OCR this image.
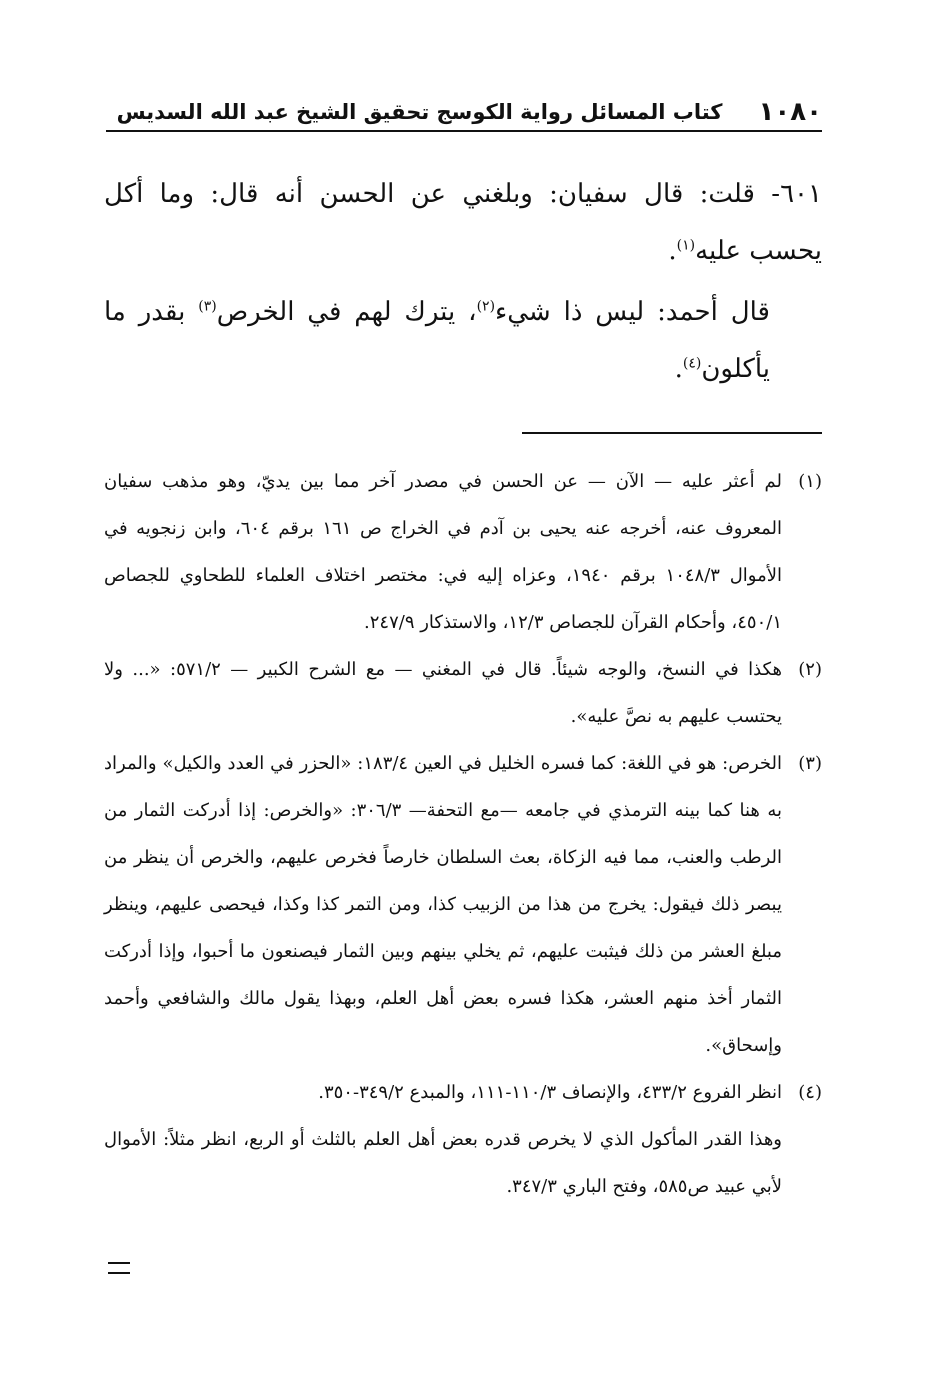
١٠٨٠
كتاب المسائل رواية الكوسج تحقيق الشيخ عبد الله السديس

٦٠١- قلت: قال سفيان: وبلغني عن الحسن أنه قال: وما أكل يحسب عليه$^{(١)}$.

قال أحمد: ليس ذا شيء$^{(٢)}$، يترك لهم في الخرص$^{(٣)}$ بقدر ما يأكلون$^{(٤)}$.

(١)
لم أعثر عليه — الآن — عن الحسن في مصدر آخر مما بين يديّ، وهو مذهب سفيان المعروف عنه، أخرجه عنه يحيى بن آدم في الخراج ص ١٦١ برقم ٦٠٤، وابن زنجويه في الأموال ١٠٤٨/٣ برقم ١٩٤٠، وعزاه إليه في: مختصر اختلاف العلماء للطحاوي للجصاص ٤٥٠/١، وأحكام القرآن للجصاص ١٢/٣، والاستذكار ٢٤٧/٩.

(٢)
هكذا في النسخ، والوجه شيئاً. قال في المغني — مع الشرح الكبير — ٥٧١/٢: «... ولا يحتسب عليهم به نصَّ عليه».

(٣)
الخرص: هو في اللغة: كما فسره الخليل في العين ١٨٣/٤: «الحزر في العدد والكيل» والمراد به هنا كما بينه الترمذي في جامعه —مع التحفة— ٣٠٦/٣: «والخرص: إذا أدركت الثمار من الرطب والعنب، مما فيه الزكاة، بعث السلطان خارصاً فخرص عليهم، والخرص أن ينظر من يبصر ذلك فيقول: يخرج من هذا من الزبيب كذا، ومن التمر كذا وكذا، فيحصى عليهم، وينظر مبلغ العشر من ذلك فيثبت عليهم، ثم يخلي بينهم وبين الثمار فيصنعون ما أحبوا، وإذا أدركت الثمار أخذ منهم العشر، هكذا فسره بعض أهل العلم، وبهذا يقول مالك والشافعي وأحمد وإسحاق».

(٤)
انظر الفروع ٤٣٣/٢، والإنصاف ١١٠/٣-١١١، والمبدع ٣٤٩/٢-٣٥٠.

وهذا القدر المأكول الذي لا يخرص قدره بعض أهل العلم بالثلث أو الربع، انظر مثلاً: الأموال لأبي عبيد ص٥٨٥، وفتح الباري ٣٤٧/٣.
